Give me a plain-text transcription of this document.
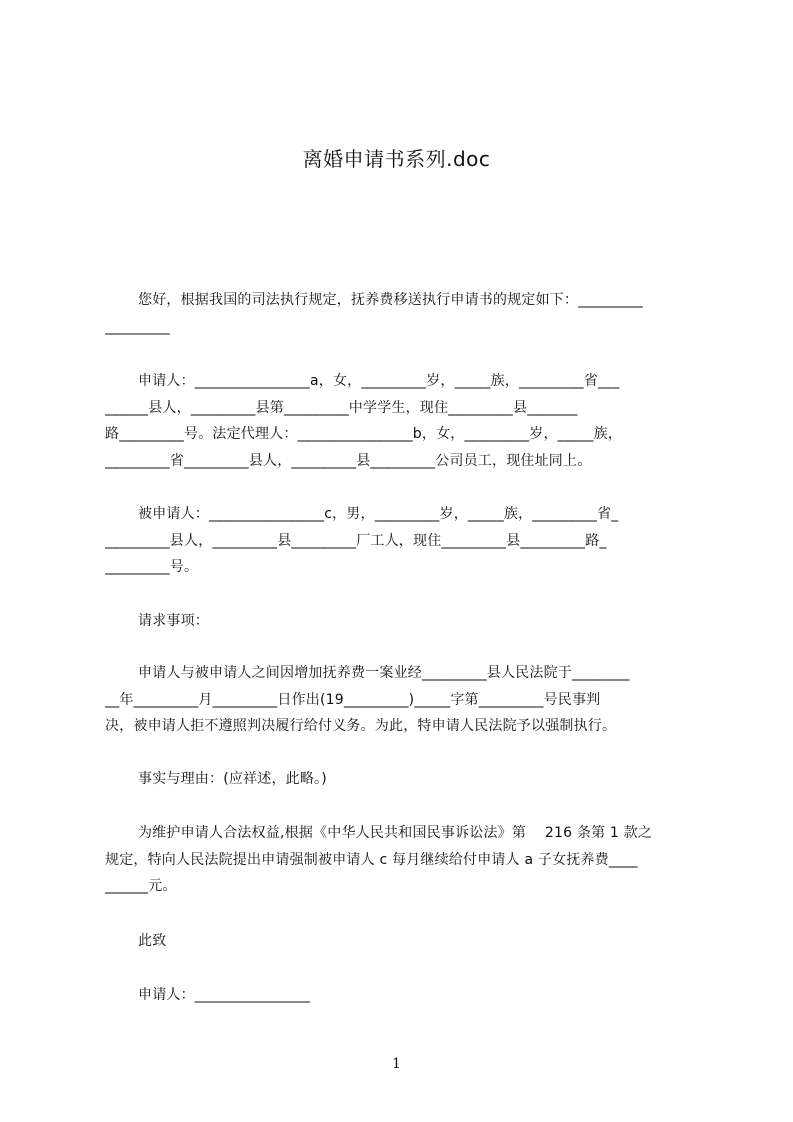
离婚申请书系列.doc
您好，根据我国的司法执行规定，抚养费移送执行申请书的规定如下：_________
_________
申请人：________________a，女，_________岁，_____族，_________省___
______县人，_________县第_________中学学生，现住_________县_______
路_________号。法定代理人：________________b，女，_________岁，_____族，
_________省_________县人，_________县_________公司员工，现住址同上。
被申请人：________________c，男，_________岁，_____族，_________省_
_________县人，_________县_________厂工人，现住_________县_________路_
_________号。
请求事项：
申请人与被申请人之间因增加抚养费一案业经_________县人民法院于________
__年_________月_________日作出(19_________)_____字第_________号民事判
决，被申请人拒不遵照判决履行给付义务。为此，特申请人民法院予以强制执行。
事实与理由：(应祥述，此略。)
为维护申请人合法权益,根据《中华人民共和国民事诉讼法》第　 216 条第 1 款之
规定，特向人民法院提出申请强制被申请人 c 每月继续给付申请人 a 子女抚养费____
______元。
此致
申请人：________________
1
